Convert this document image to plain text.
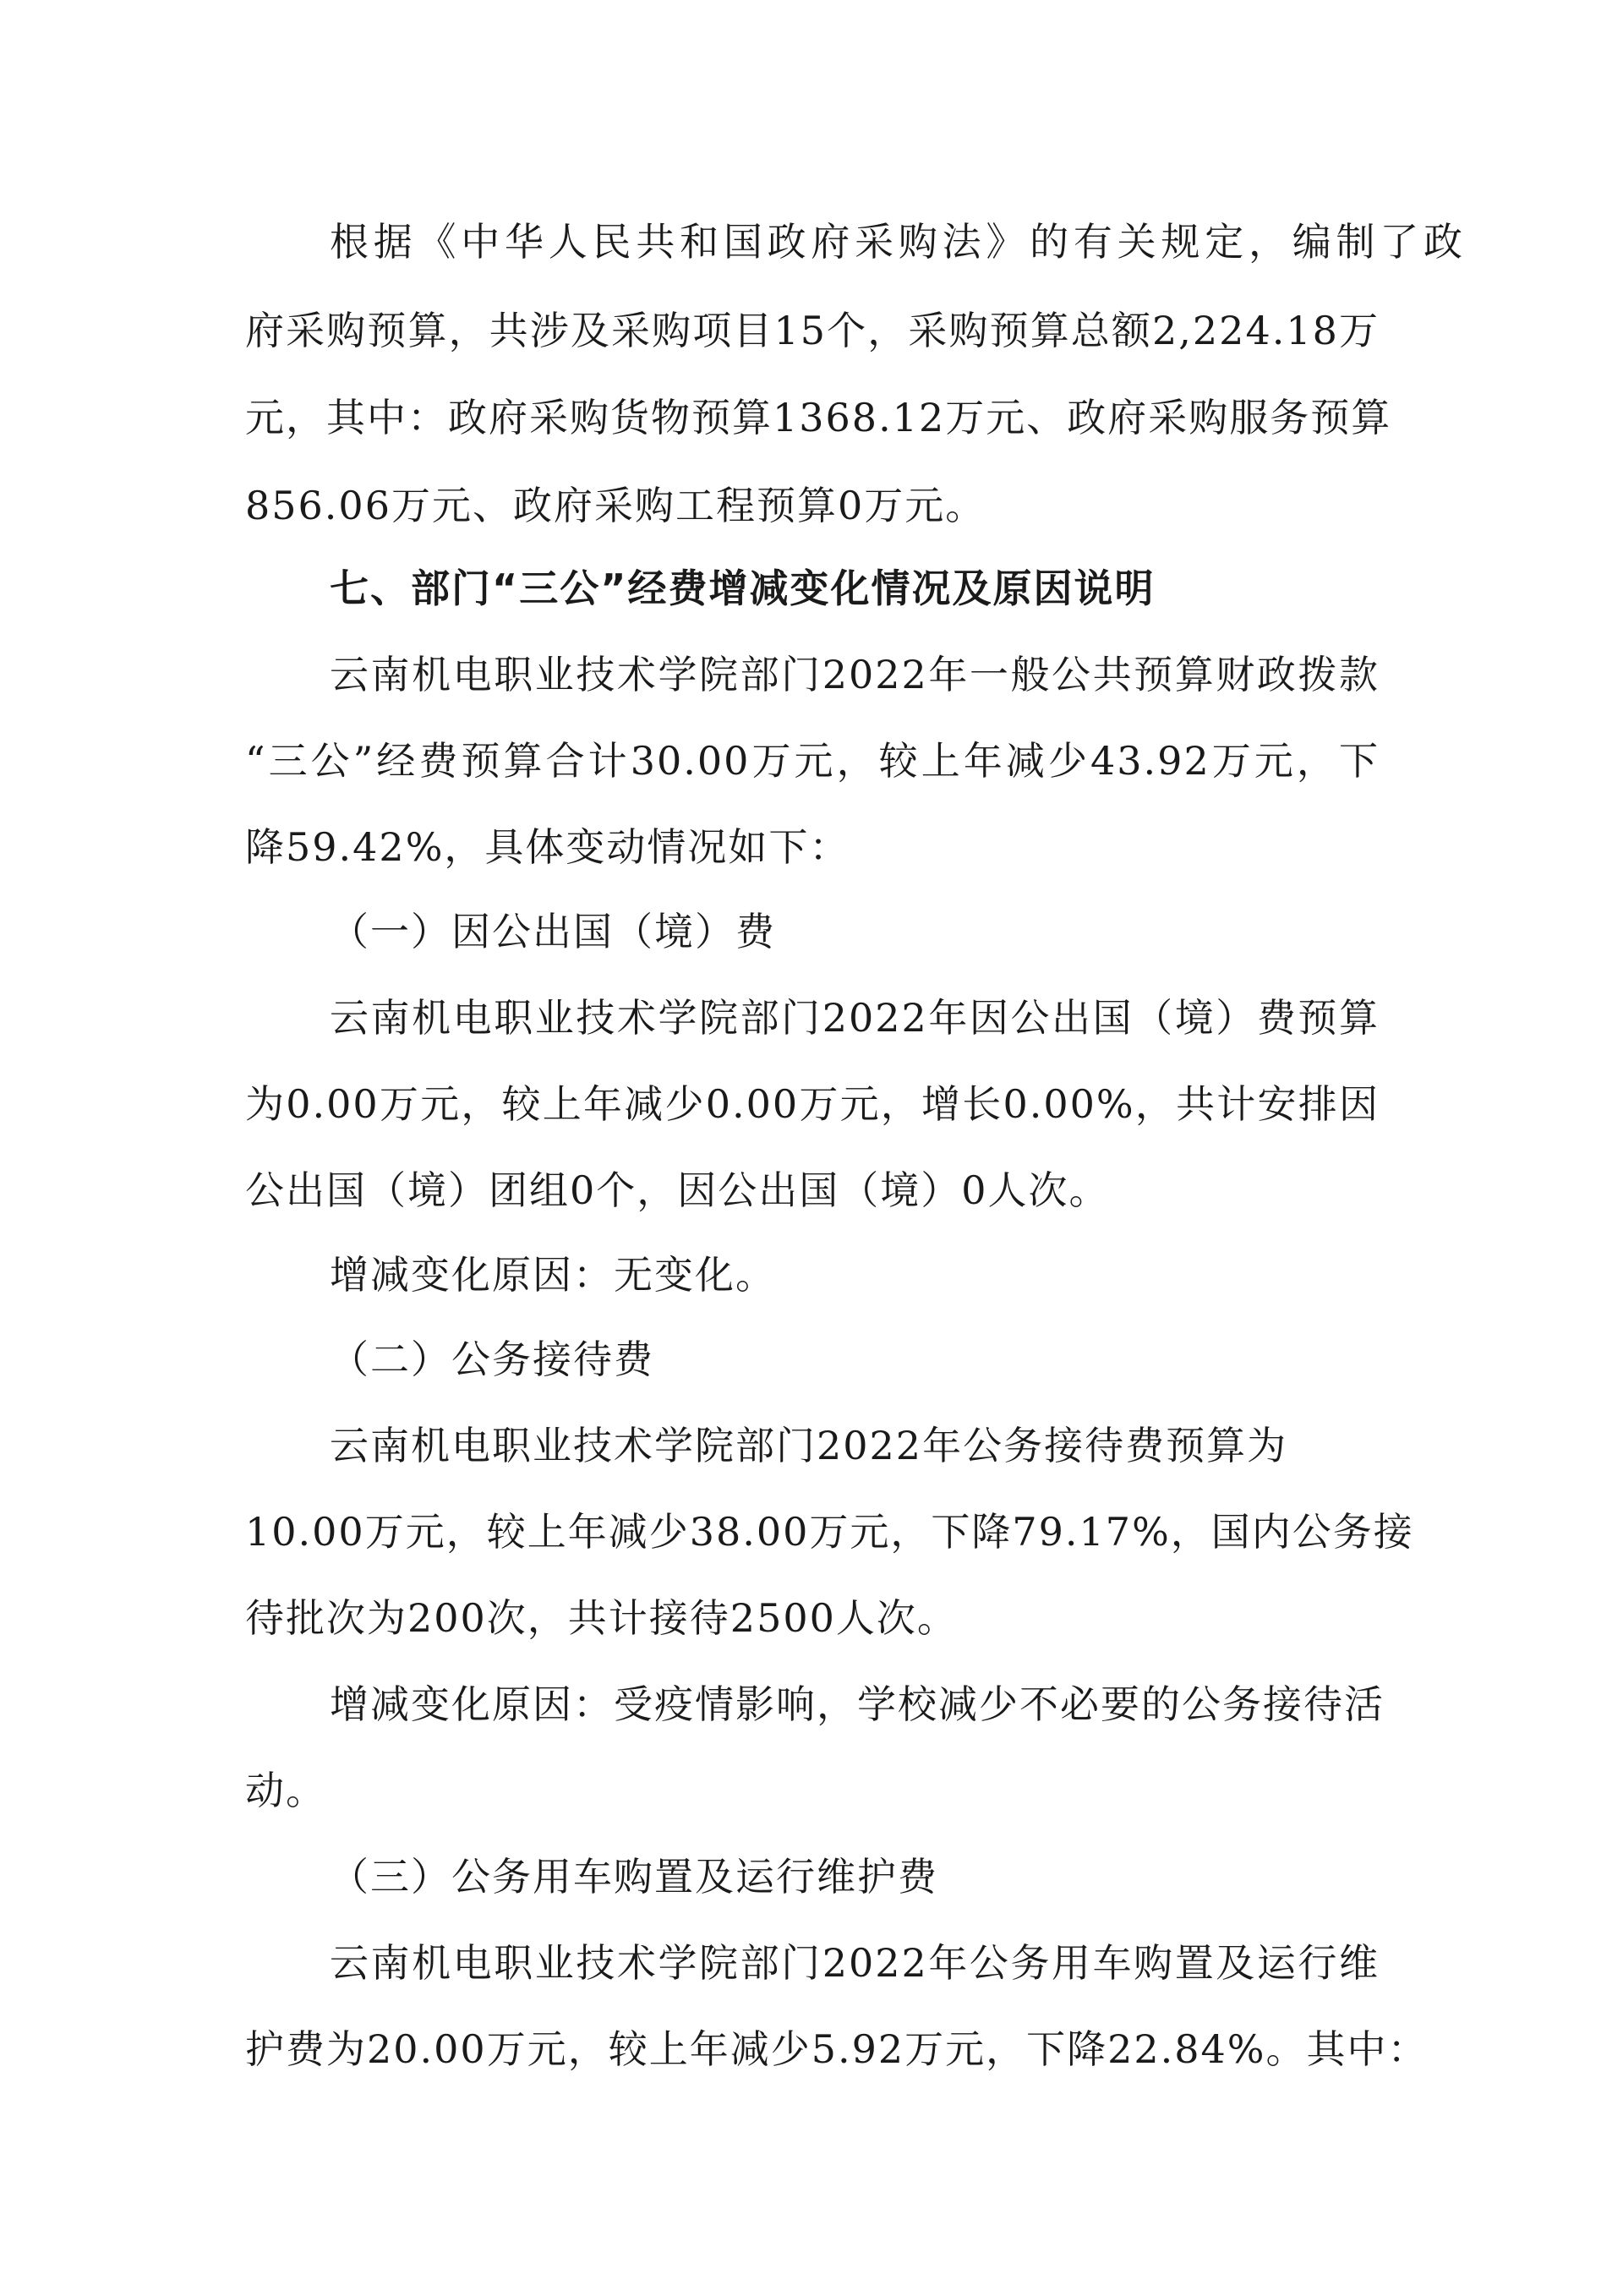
根据《中华人民共和国政府采购法》的有关规定，编制了政
府采购预算，共涉及采购项目15个，采购预算总额2,224.18万
元，其中：政府采购货物预算1368.12万元、政府采购服务预算
856.06万元、政府采购工程预算0万元。
七、部门“三公”经费增减变化情况及原因说明
云南机电职业技术学院部门2022年一般公共预算财政拨款
“三公”经费预算合计30.00万元，较上年减少43.92万元，下
降59.42%，具体变动情况如下：
（一）因公出国（境）费
云南机电职业技术学院部门2022年因公出国（境）费预算
为0.00万元，较上年减少0.00万元，增长0.00%，共计安排因
公出国（境）团组0个，因公出国（境）0人次。
增减变化原因：无变化。
（二）公务接待费
云南机电职业技术学院部门2022年公务接待费预算为
10.00万元，较上年减少38.00万元，下降79.17%，国内公务接
待批次为200次，共计接待2500人次。
增减变化原因：受疫情影响，学校减少不必要的公务接待活
动。
（三）公务用车购置及运行维护费
云南机电职业技术学院部门2022年公务用车购置及运行维
护费为20.00万元，较上年减少5.92万元，下降22.84%。其中：
